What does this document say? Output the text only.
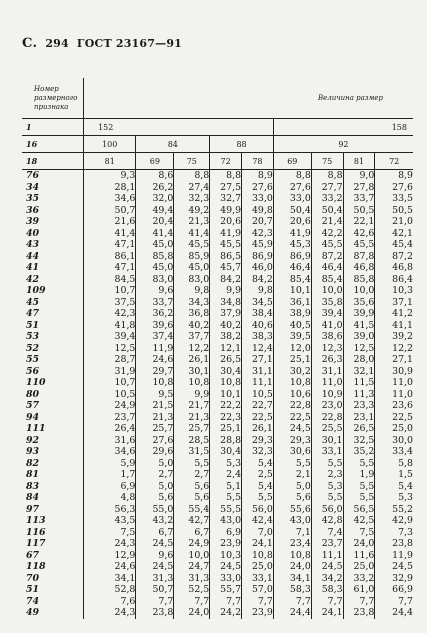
С. 294 ГОСТ 23167—91
Номер размерного признака	Величина размер								
1	152					158			
16	100	84		88		92			
18	81	69	75	72	78	69	75	81	72
76	9,3	8,6	8,8	8,8	8,9	8,8	8,8	9,0	8,9
34	28,1	26,2	27,4	27,5	27,6	27,6	27,7	27,8	27,6
35	34,6	32,0	32,3	32,7	33,0	33,0	33,2	33,7	33,5
36	50,7	49,4	49,2	49,9	49,8	50,4	50,4	50,5	50,5
39	21,6	20,4	21,3	20,6	20,7	20,6	21,4	22,1	21,0
40	41,4	41,4	41,4	41,9	42,3	41,9	42,2	42,6	42,1
43	47,1	45,0	45,5	45,5	45,9	45,3	45,5	45,5	45,4
44	86,1	85,8	85,9	86,5	86,9	86,9	87,2	87,8	87,2
41	47,1	45,0	45,0	45,7	46,0	46,4	46,4	46,8	46,8
42	84,5	83,0	83,0	84,2	84,2	85,4	85,4	85,8	86,4
109	10,7	9,6	9,8	9,9	9,8	10,1	10,0	10,0	10,3
45	37,5	33,7	34,3	34,8	34,5	36,1	35,8	35,6	37,1
47	42,3	36,2	36,8	37,9	38,4	38,9	39,4	39,9	41,2
51	41,8	39,6	40,2	40,2	40,6	40,5	41,0	41,5	41,1
53	39,4	37,4	37,7	38,2	38,3	39,5	38,6	39,0	39,2
52	12,5	11,9	12,2	12,1	12,4	12,0	12,3	12,5	12,2
55	28,7	24,6	26,1	26,5	27,1	25,1	26,3	28,0	27,1
56	31,9	29,7	30,1	30,4	31,1	30,2	31,1	32,1	30,9
110	10,7	10,8	10,8	10,8	11,1	10,8	11,0	11,5	11,0
80	10,5	9,5	9,9	10,1	10,5	10,6	10,9	11,3	11,0
57	24,9	21,5	21,7	22,2	22,7	22,8	23,0	23,3	23,6
94	23,7	21,3	21,3	22,3	22,5	22,5	22,8	23,1	22,5
111	26,4	25,7	25,7	25,1	26,1	24,5	25,5	26,5	25,0
92	31,6	27,6	28,5	28,8	29,3	29,3	30,1	32,5	30,0
93	34,6	29,6	31,5	30,4	32,3	30,6	33,1	35,2	33,4
82	5,9	5,0	5,5	5,3	5,4	5,5	5,5	5,5	5,8
81	1,7	2,7	2,7	2,4	2,5	2,1	2,3	1,9	1,5
83	6,9	5,0	5,6	5,1	5,4	5,0	5,3	5,5	5,4
84	4,8	5,6	5,6	5,5	5,5	5,6	5,5	5,5	5,3
97	56,3	55,0	55,4	55,5	56,0	55,6	56,0	56,5	55,2
113	43,5	43,2	42,7	43,0	42,4	43,0	42,8	42,5	42,9
116	7,5	6,7	6,7	6,9	7,0	7,1	7,4	7,5	7,3
117	24,3	24,5	24,9	23,9	24,1	23,4	23,7	24,0	23,8
67	12,9	9,6	10,0	10,3	10,8	10,8	11,1	11,6	11,9
118	24,6	24,5	24,7	24,5	25,0	24,0	24,5	25,0	24,5
70	34,1	31,3	31,3	33,0	33,1	34,1	34,2	33,2	32,9
51	52,8	50,7	52,5	55,7	57,0	58,3	58,3	61,0	66,9
74	7,6	7,7	7,7	7,7	7,7	7,7	7,7	7,7	7,7
49	24,3	23,8	24,0	24,2	23,9	24,4	24,1	23,8	24,4
